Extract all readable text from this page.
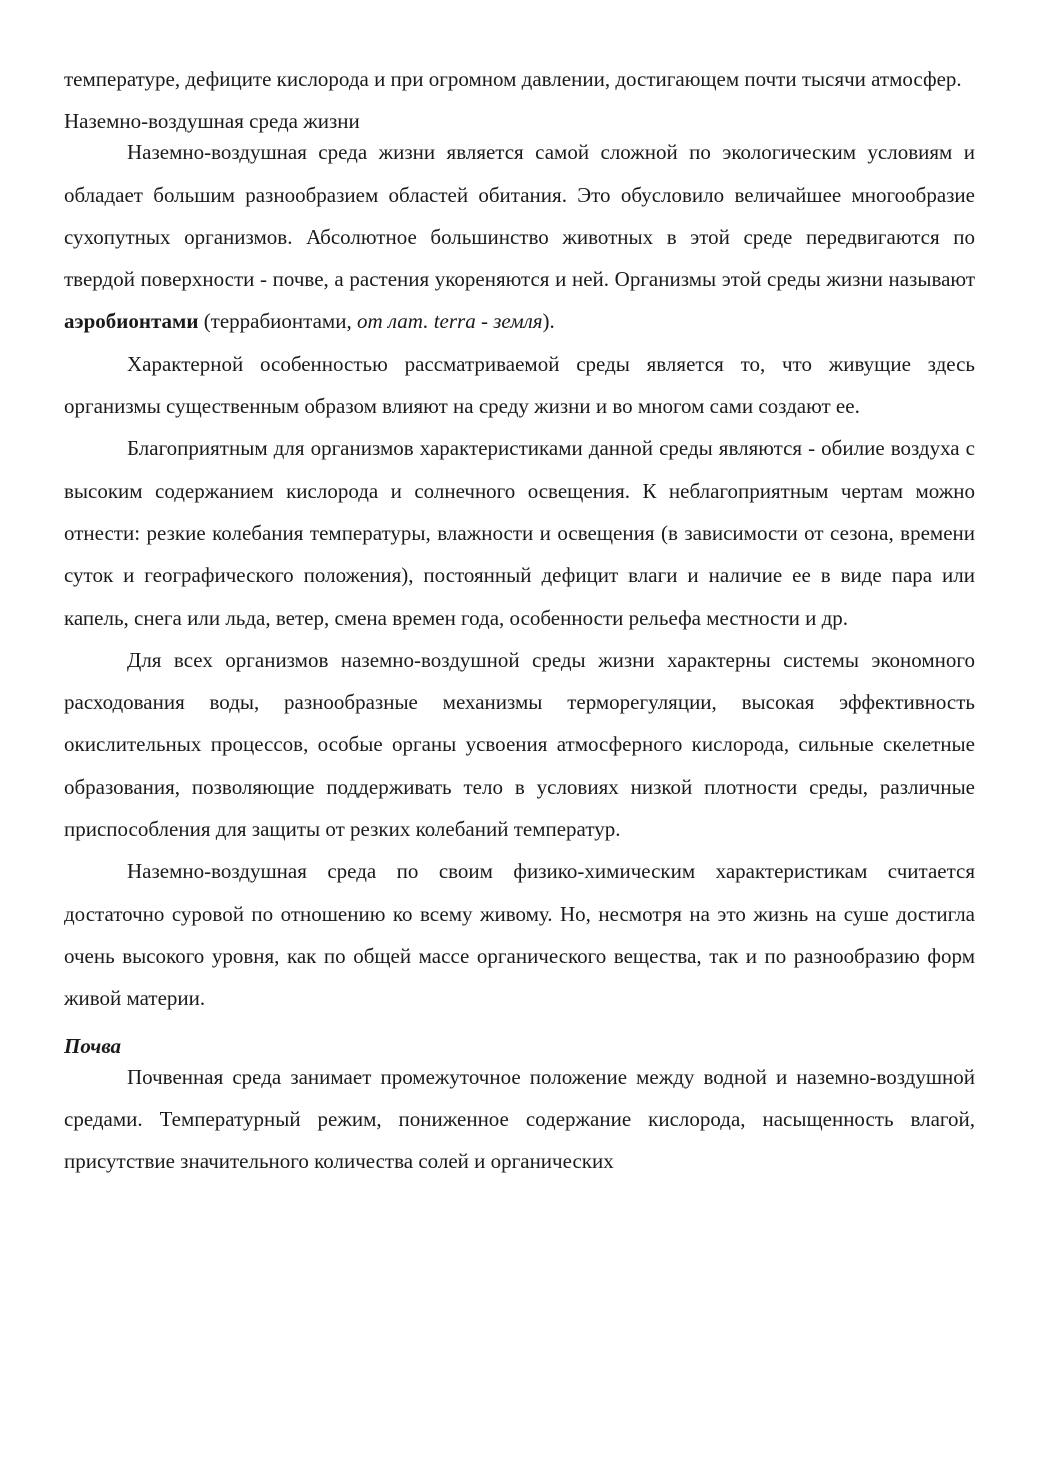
температуре, дефиците кислорода и при огромном давлении, достигающем почти тысячи атмосфер.

Наземно-воздушная среда жизни

Наземно-воздушная среда жизни является самой сложной по экологическим условиям и обладает большим разнообразием областей обитания. Это обусловило величайшее многообразие сухопутных организмов. Абсолютное большинство животных в этой среде передвигаются по твердой поверхности - почве, а растения укореняются и ней. Организмы этой среды жизни называют аэробионтами (террабионтами, от лат. terra - земля).

Характерной особенностью рассматриваемой среды является то, что живущие здесь организмы существенным образом влияют на среду жизни и во многом сами создают ее.

Благоприятным для организмов характеристиками данной среды являются - обилие воздуха с высоким содержанием кислорода и солнечного освещения. К неблагоприятным чертам можно отнести: резкие колебания температуры, влажности и освещения (в зависимости от сезона, времени суток и географического положения), постоянный дефицит влаги и наличие ее в виде пара или капель, снега или льда, ветер, смена времен года, особенности рельефа местности и др.

Для всех организмов наземно-воздушной среды жизни характерны системы экономного расходования воды, разнообразные механизмы терморегуляции, высокая эффективность окислительных процессов, особые органы усвоения атмосферного кислорода, сильные скелетные образования, позволяющие поддерживать тело в условиях низкой плотности среды, различные приспособления для защиты от резких колебаний температур.

Наземно-воздушная среда по своим физико-химическим характеристикам считается достаточно суровой по отношению ко всему живому. Но, несмотря на это жизнь на суше достигла очень высокого уровня, как по общей массе органического вещества, так и по разнообразию форм живой материи.

Почва

Почвенная среда занимает промежуточное положение между водной и наземно-воздушной средами. Температурный режим, пониженное содержание кислорода, насыщенность влагой, присутствие значительного количества солей и органических
